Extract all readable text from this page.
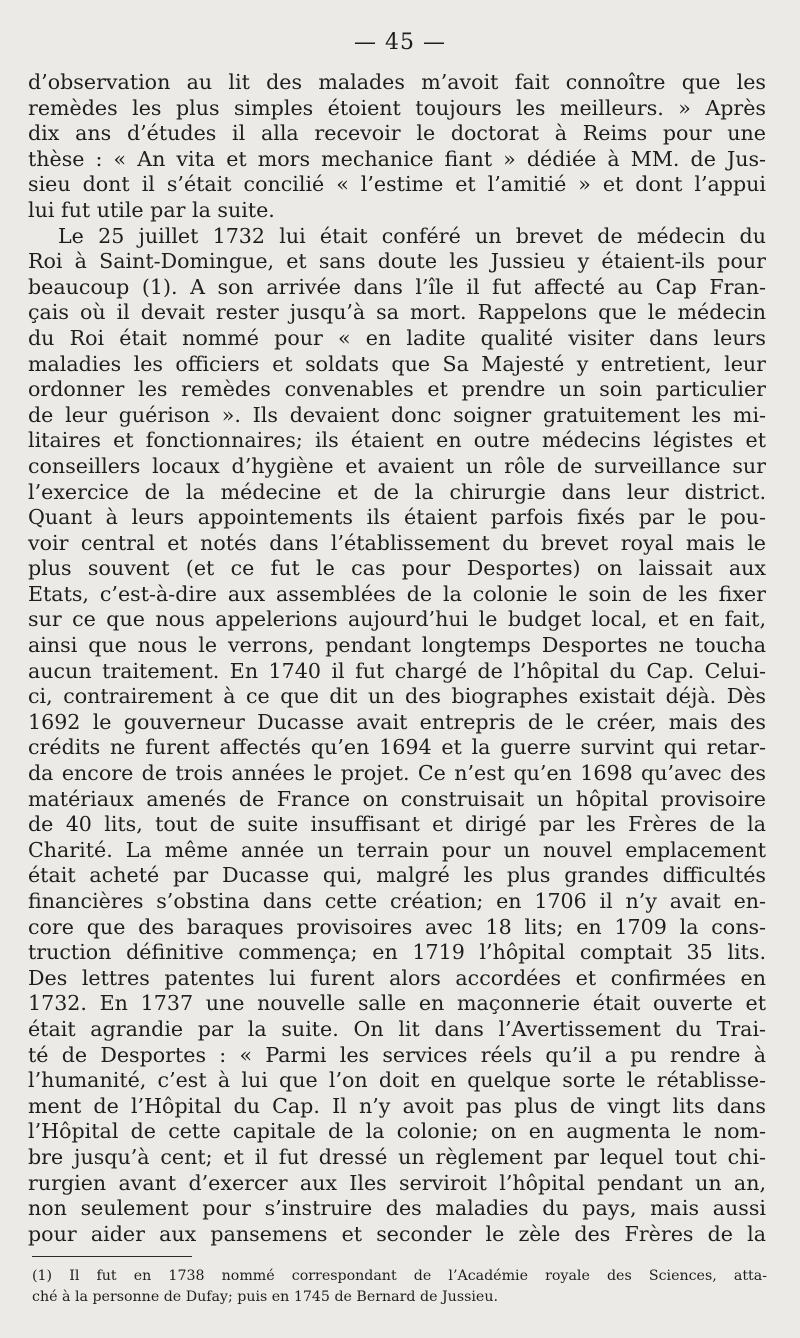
— 45 —
d’observation au lit des malades m’avoit fait connoître que les
remèdes les plus simples étoient toujours les meilleurs. » Après
dix ans d’études il alla recevoir le doctorat à Reims pour une
thèse : « An vita et mors mechanice fiant » dédiée à MM. de Jus-
sieu dont il s’était concilié « l’estime et l’amitié » et dont l’appui
lui fut utile par la suite.
Le 25 juillet 1732 lui était conféré un brevet de médecin du
Roi à Saint-Domingue, et sans doute les Jussieu y étaient-ils pour
beaucoup (1). A son arrivée dans l’île il fut affecté au Cap Fran-
çais où il devait rester jusqu’à sa mort. Rappelons que le médecin
du Roi était nommé pour « en ladite qualité visiter dans leurs
maladies les officiers et soldats que Sa Majesté y entretient, leur
ordonner les remèdes convenables et prendre un soin particulier
de leur guérison ». Ils devaient donc soigner gratuitement les mi-
litaires et fonctionnaires; ils étaient en outre médecins légistes et
conseillers locaux d’hygiène et avaient un rôle de surveillance sur
l’exercice de la médecine et de la chirurgie dans leur district.
Quant à leurs appointements ils étaient parfois fixés par le pou-
voir central et notés dans l’établissement du brevet royal mais le
plus souvent (et ce fut le cas pour Desportes) on laissait aux
Etats, c’est-à-dire aux assemblées de la colonie le soin de les fixer
sur ce que nous appelerions aujourd’hui le budget local, et en fait,
ainsi que nous le verrons, pendant longtemps Desportes ne toucha
aucun traitement. En 1740 il fut chargé de l’hôpital du Cap. Celui-
ci, contrairement à ce que dit un des biographes existait déjà. Dès
1692 le gouverneur Ducasse avait entrepris de le créer, mais des
crédits ne furent affectés qu’en 1694 et la guerre survint qui retar-
da encore de trois années le projet. Ce n’est qu’en 1698 qu’avec des
matériaux amenés de France on construisait un hôpital provisoire
de 40 lits, tout de suite insuffisant et dirigé par les Frères de la
Charité. La même année un terrain pour un nouvel emplacement
était acheté par Ducasse qui, malgré les plus grandes difficultés
financières s’obstina dans cette création; en 1706 il n’y avait en-
core que des baraques provisoires avec 18 lits; en 1709 la cons-
truction définitive commença; en 1719 l’hôpital comptait 35 lits.
Des lettres patentes lui furent alors accordées et confirmées en
1732. En 1737 une nouvelle salle en maçonnerie était ouverte et
était agrandie par la suite. On lit dans l’Avertissement du Trai-
té de Desportes : « Parmi les services réels qu’il a pu rendre à
l’humanité, c’est à lui que l’on doit en quelque sorte le rétablisse-
ment de l’Hôpital du Cap. Il n’y avoit pas plus de vingt lits dans
l’Hôpital de cette capitale de la colonie; on en augmenta le nom-
bre jusqu’à cent; et il fut dressé un règlement par lequel tout chi-
rurgien avant d’exercer aux Iles serviroit l’hôpital pendant un an,
non seulement pour s’instruire des maladies du pays, mais aussi
pour aider aux pansemens et seconder le zèle des Frères de la
(1) Il fut en 1738 nommé correspondant de l’Académie royale des Sciences, atta-
ché à la personne de Dufay; puis en 1745 de Bernard de Jussieu.
